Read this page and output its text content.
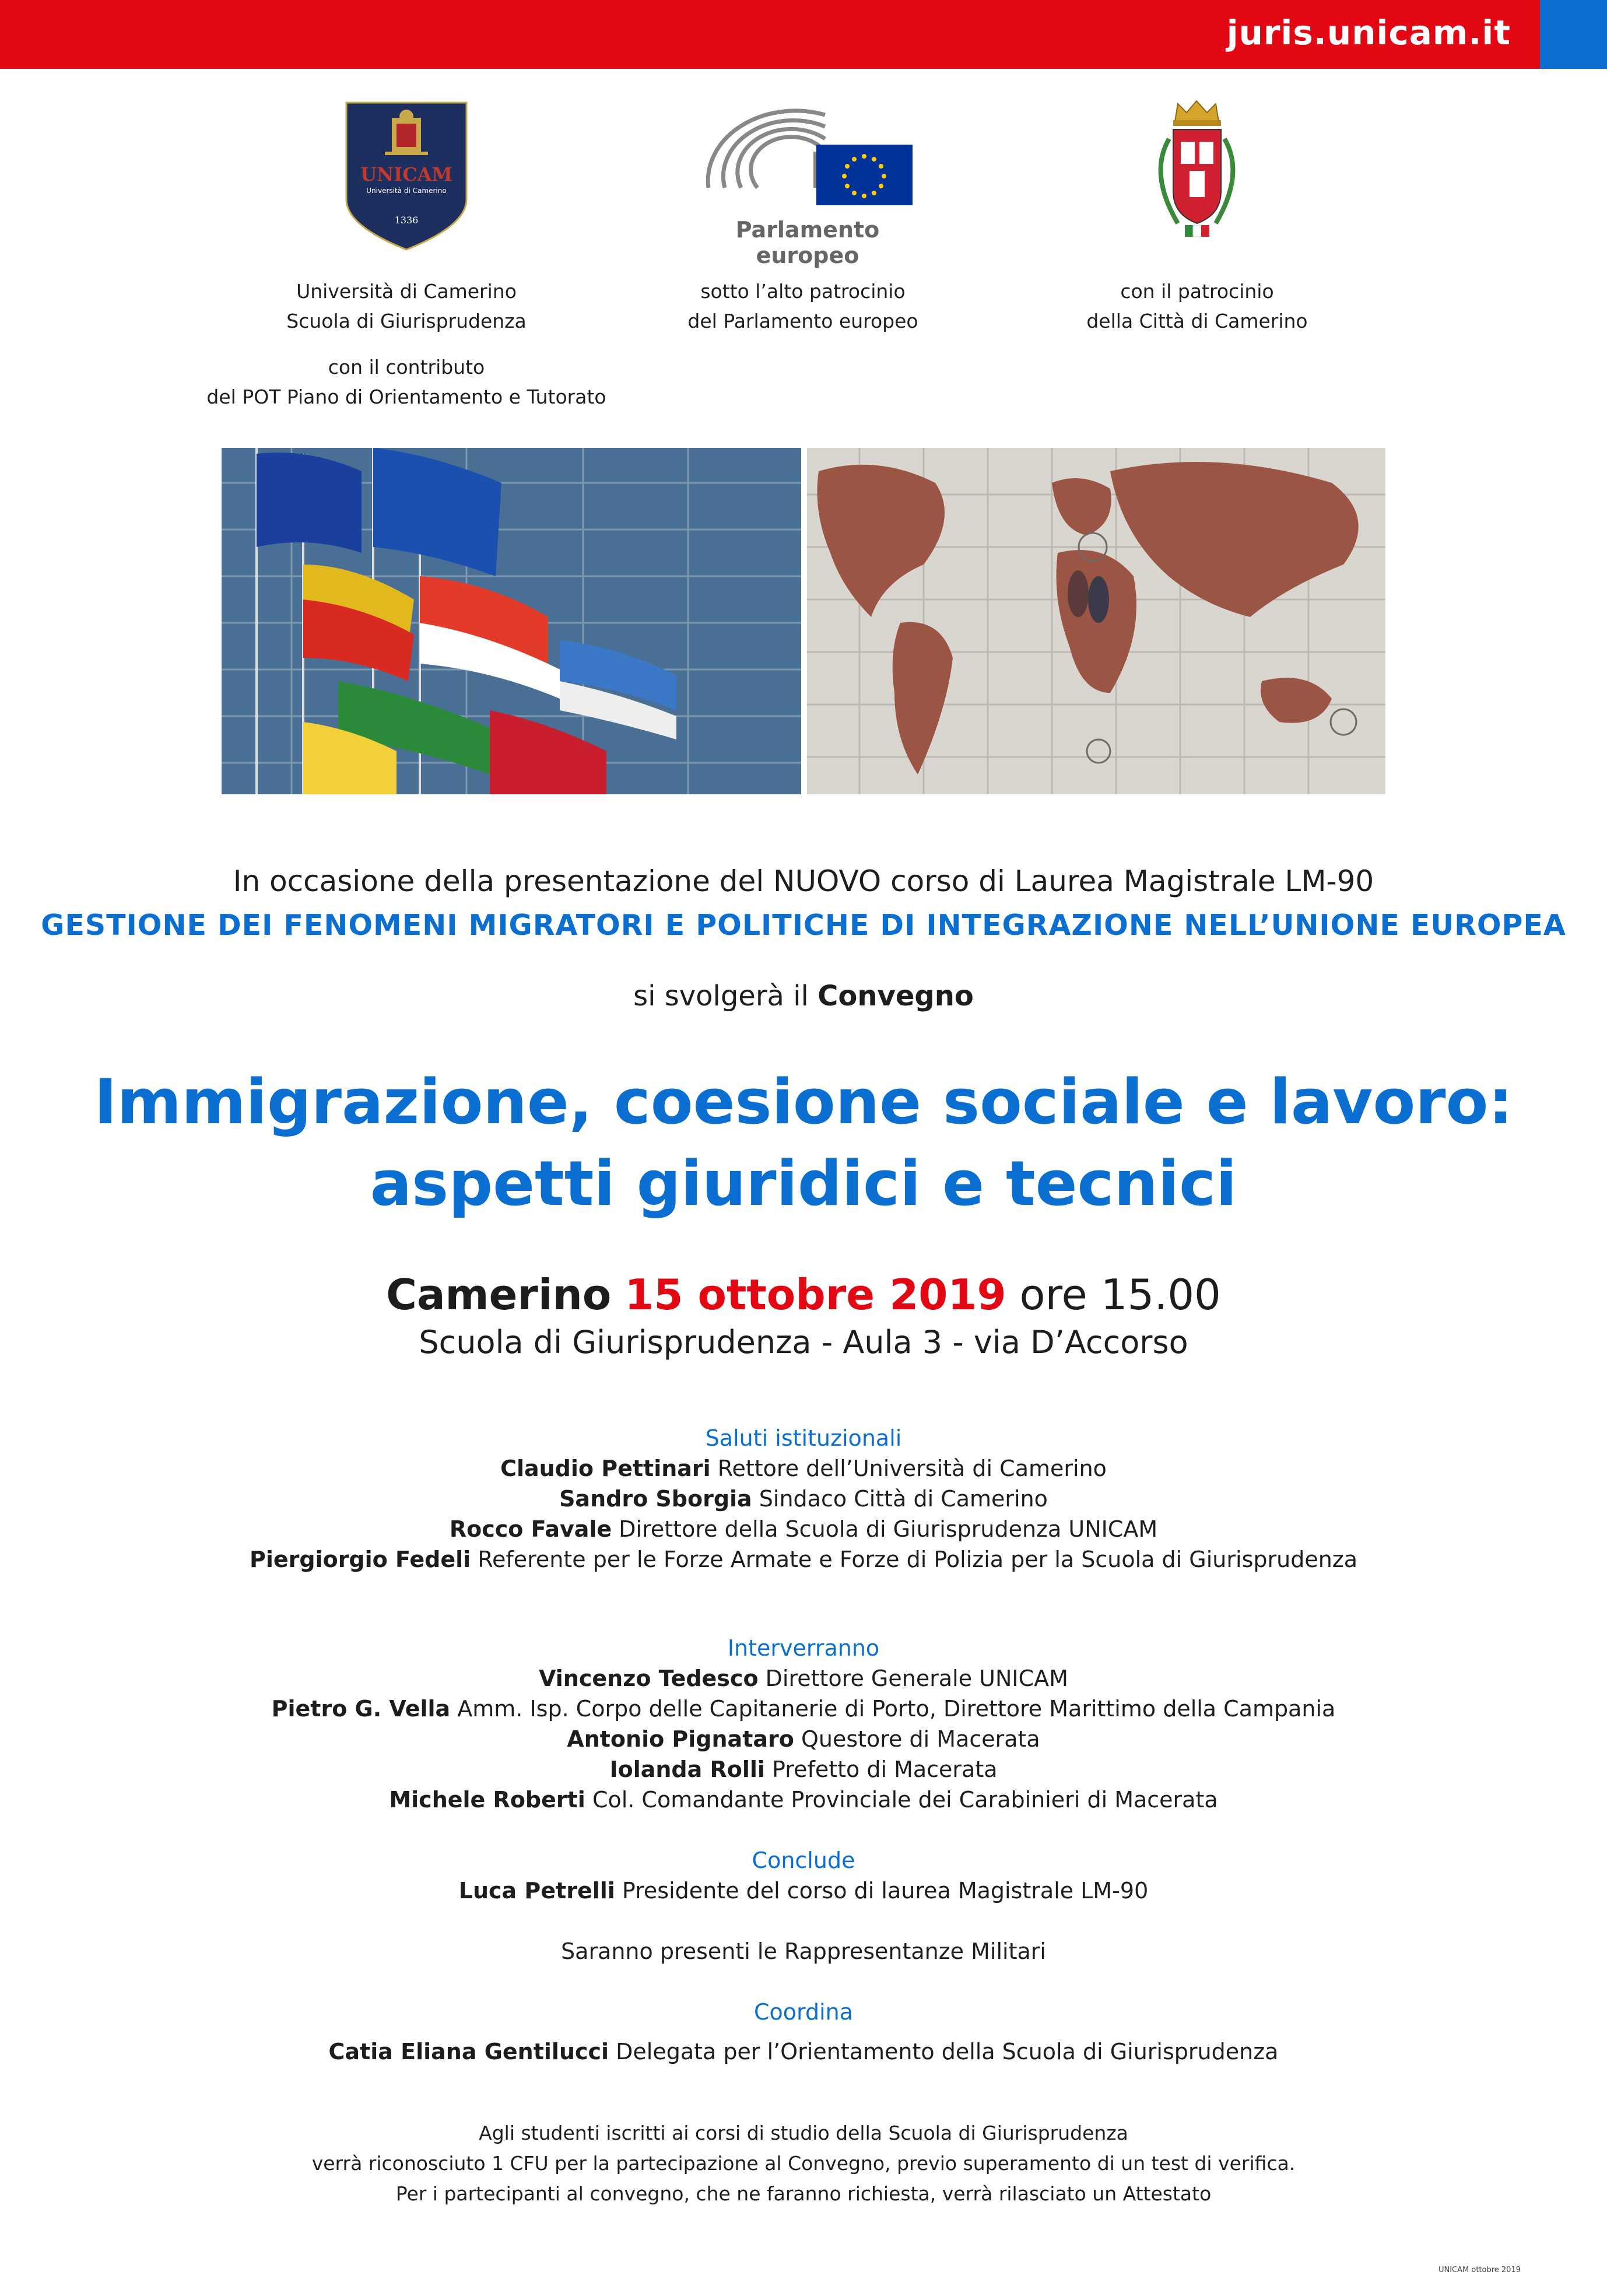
juris.unicam.it
UNICAM
Università di Camerino
1336	Parlamento europeo
Università di Camerino
Scuola di Giurisprudenza
con il contributo
del POT Piano di Orientamento e Tutorato
sotto l’alto patrocinio
del Parlamento europeo
con il patrocinio
della Città di Camerino
In occasione della presentazione del NUOVO corso di Laurea Magistrale LM-90
GESTIONE DEI FENOMENI MIGRATORI E POLITICHE DI INTEGRAZIONE NELL’UNIONE EUROPEA
si svolgerà il Convegno
Immigrazione, coesione sociale e lavoro:
aspetti giuridici e tecnici
Camerino 15 ottobre 2019 ore 15.00
Scuola di Giurisprudenza - Aula 3 - via D’Accorso
Saluti istituzionali
Claudio Pettinari Rettore dell’Università di Camerino
Sandro Sborgia Sindaco Città di Camerino
Rocco Favale Direttore della Scuola di Giurisprudenza UNICAM
Piergiorgio Fedeli Referente per le Forze Armate e Forze di Polizia per la Scuola di Giurisprudenza
Interverranno
Vincenzo Tedesco Direttore Generale UNICAM
Pietro G. Vella Amm. Isp. Corpo delle Capitanerie di Porto, Direttore Marittimo della Campania
Antonio Pignataro Questore di Macerata
Iolanda Rolli Prefetto di Macerata
Michele Roberti Col. Comandante Provinciale dei Carabinieri di Macerata
Conclude
Luca Petrelli Presidente del corso di laurea Magistrale LM-90
Saranno presenti le Rappresentanze Militari
Coordina
Catia Eliana Gentilucci Delegata per l’Orientamento della Scuola di Giurisprudenza
Agli studenti iscritti ai corsi di studio della Scuola di Giurisprudenza
verrà riconosciuto 1 CFU per la partecipazione al Convegno, previo superamento di un test di verifica.
Per i partecipanti al convegno, che ne faranno richiesta, verrà rilasciato un Attestato
UNICAM ottobre 2019
